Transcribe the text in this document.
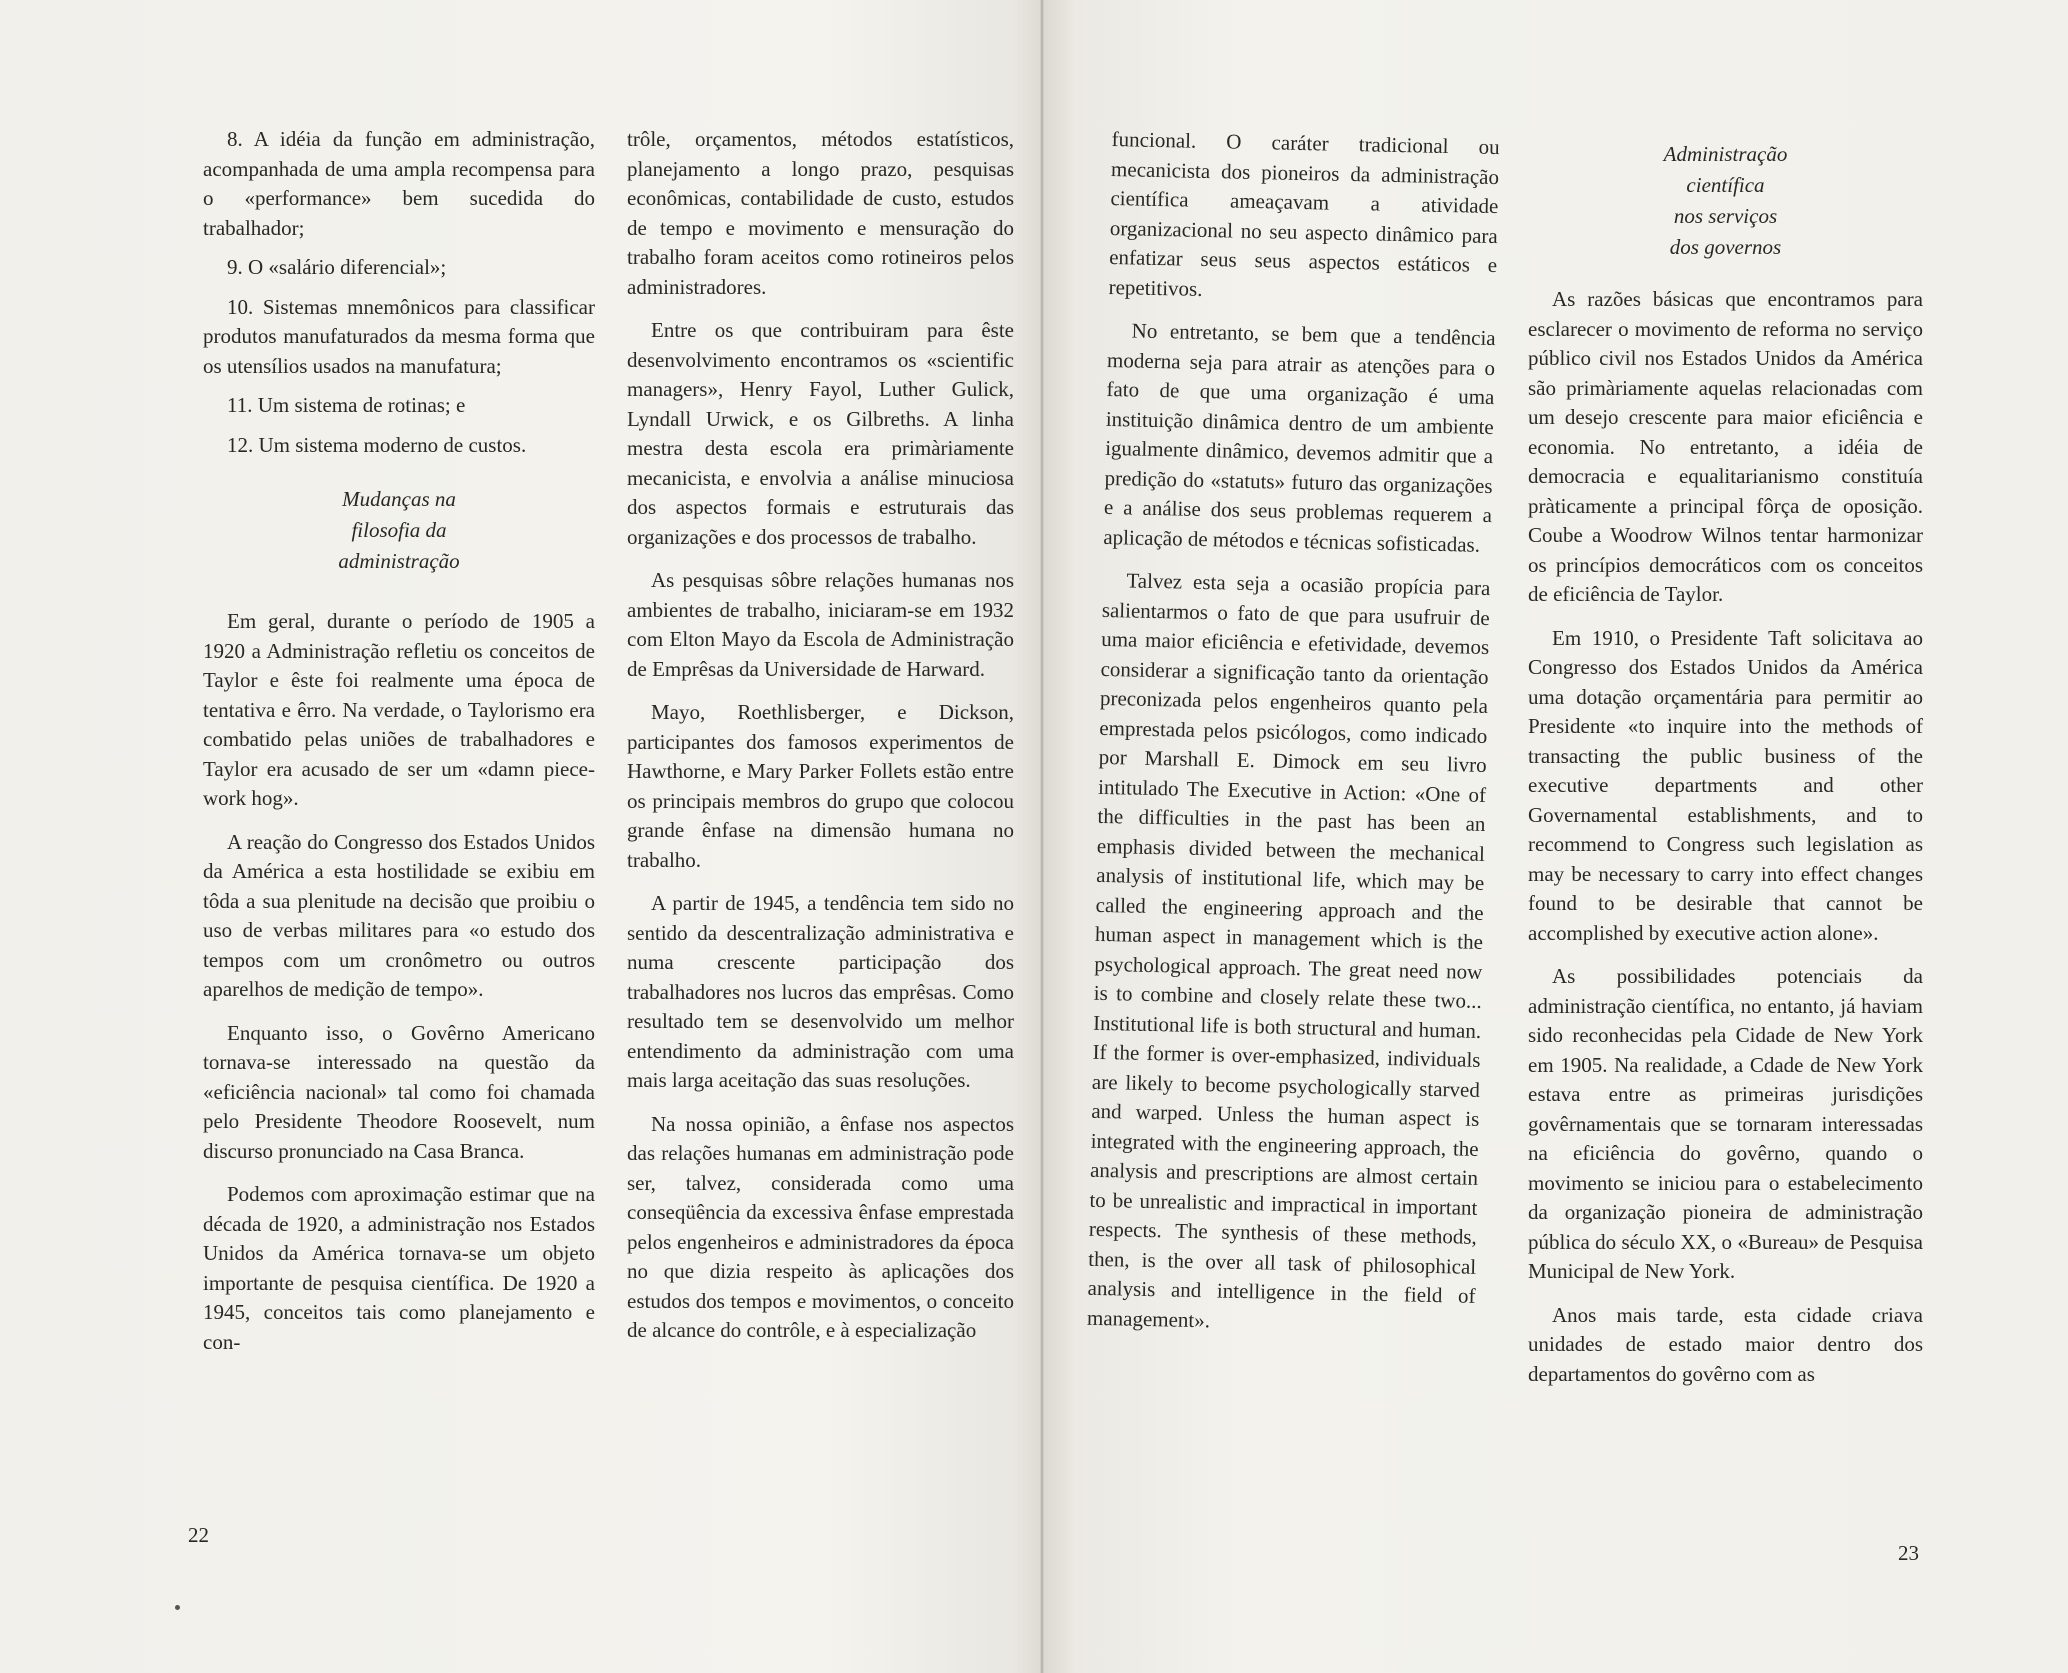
8. A idéia da função em administração, acompanhada de uma ampla recompensa para o «performance» bem sucedida do trabalhador;

9. O «salário diferencial»;

10. Sistemas mnemônicos para classificar produtos manufaturados da mesma forma que os utensílios usados na manufatura;

11. Um sistema de rotinas; e

12. Um sistema moderno de custos.

Mudanças na
filosofia da
administração

Em geral, durante o período de 1905 a 1920 a Administração refletiu os conceitos de Taylor e êste foi realmente uma época de tentativa e êrro. Na verdade, o Taylorismo era combatido pelas uniões de trabalhadores e Taylor era acusado de ser um «damn piece-work hog».

A reação do Congresso dos Estados Unidos da América a esta hostilidade se exibiu em tôda a sua plenitude na decisão que proibiu o uso de verbas militares para «o estudo dos tempos com um cronômetro ou outros aparelhos de medição de tempo».

Enquanto isso, o Govêrno Americano tornava-se interessado na questão da «eficiência nacional» tal como foi chamada pelo Presidente Theodore Roosevelt, num discurso pronunciado na Casa Branca.

Podemos com aproximação estimar que na década de 1920, a administração nos Estados Unidos da América tornava-se um objeto importante de pesquisa científica. De 1920 a 1945, conceitos tais como planejamento e con-

trôle, orçamentos, métodos estatísticos, planejamento a longo prazo, pesquisas econômicas, contabilidade de custo, estudos de tempo e movimento e mensuração do trabalho foram aceitos como rotineiros pelos administradores.

Entre os que contribuiram para êste desenvolvimento encontramos os «scientific managers», Henry Fayol, Luther Gulick, Lyndall Urwick, e os Gilbreths. A linha mestra desta escola era primàriamente mecanicista, e envolvia a análise minuciosa dos aspectos formais e estruturais das organizações e dos processos de trabalho.

As pesquisas sôbre relações humanas nos ambientes de trabalho, iniciaram-se em 1932 com Elton Mayo da Escola de Administração de Emprêsas da Universidade de Harward.

Mayo, Roethlisberger, e Dickson, participantes dos famosos experimentos de Hawthorne, e Mary Parker Follets estão entre os principais membros do grupo que colocou grande ênfase na dimensão humana no trabalho.

A partir de 1945, a tendência tem sido no sentido da descentralização administrativa e numa crescente participação dos trabalhadores nos lucros das emprêsas. Como resultado tem se desenvolvido um melhor entendimento da administração com uma mais larga aceitação das suas resoluções.

Na nossa opinião, a ênfase nos aspectos das relações humanas em administração pode ser, talvez, considerada como uma conseqüência da excessiva ênfase emprestada pelos engenheiros e administradores da época no que dizia respeito às aplicações dos estudos dos tempos e movimentos, o conceito de alcance do contrôle, e à especialização

22

funcional. O caráter tradicional ou mecanicista dos pioneiros da administração científica ameaçavam a atividade organizacional no seu aspecto dinâmico para enfatizar seus seus aspectos estáticos e repetitivos.

No entretanto, se bem que a tendência moderna seja para atrair as atenções para o fato de que uma organização é uma instituição dinâmica dentro de um ambiente igualmente dinâmico, devemos admitir que a predição do «statuts» futuro das organizações e a análise dos seus problemas requerem a aplicação de métodos e técnicas sofisticadas.

Talvez esta seja a ocasião propícia para salientarmos o fato de que para usufruir de uma maior eficiência e efetividade, devemos considerar a significação tanto da orientação preconizada pelos engenheiros quanto pela emprestada pelos psicólogos, como indicado por Marshall E. Dimock em seu livro intitulado The Executive in Action: «One of the difficulties in the past has been an emphasis divided between the mechanical analysis of institutional life, which may be called the engineering approach and the human aspect in management which is the psychological approach. The great need now is to combine and closely relate these two... Institutional life is both structural and human. If the former is over-emphasized, individuals are likely to become psychologically starved and warped. Unless the human aspect is integrated with the engineering approach, the analysis and prescriptions are almost certain to be unrealistic and impractical in important respects. The synthesis of these methods, then, is the over all task of philosophical analysis and intelligence in the field of management».

Administração
científica
nos serviços
dos governos

As razões básicas que encontramos para esclarecer o movimento de reforma no serviço público civil nos Estados Unidos da América são primàriamente aquelas relacionadas com um desejo crescente para maior eficiência e economia. No entretanto, a idéia de democracia e equalitarianismo constituía pràticamente a principal fôrça de oposição. Coube a Woodrow Wilnos tentar harmonizar os princípios democráticos com os conceitos de eficiência de Taylor.

Em 1910, o Presidente Taft solicitava ao Congresso dos Estados Unidos da América uma dotação orçamentária para permitir ao Presidente «to inquire into the methods of transacting the public business of the executive departments and other Governamental establishments, and to recommend to Congress such legislation as may be necessary to carry into effect changes found to be desirable that cannot be accomplished by executive action alone».

As possibilidades potenciais da administração científica, no entanto, já haviam sido reconhecidas pela Cidade de New York em 1905. Na realidade, a Cdade de New York estava entre as primeiras jurisdições govêrnamentais que se tornaram interessadas na eficiência do govêrno, quando o movimento se iniciou para o estabelecimento da organização pioneira de administração pública do século XX, o «Bureau» de Pesquisa Municipal de New York.

Anos mais tarde, esta cidade criava unidades de estado maior dentro dos departamentos do govêrno com as

23
